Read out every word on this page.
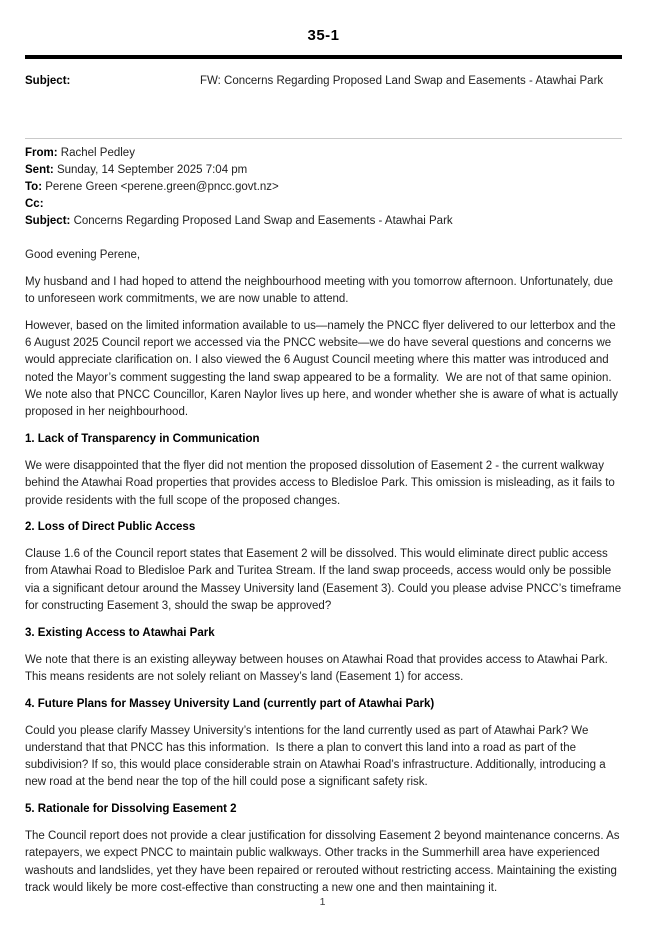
35-1
Subject:	FW: Concerns Regarding Proposed Land Swap and Easements - Atawhai Park
From: Rachel Pedley
Sent: Sunday, 14 September 2025 7:04 pm
To: Perene Green <perene.green@pncc.govt.nz>
Cc:
Subject: Concerns Regarding Proposed Land Swap and Easements - Atawhai Park

Good evening Perene,

My husband and I had hoped to attend the neighbourhood meeting with you tomorrow afternoon. Unfortunately, due to unforeseen work commitments, we are now unable to attend.

However, based on the limited information available to us—namely the PNCC flyer delivered to our letterbox and the 6 August 2025 Council report we accessed via the PNCC website—we do have several questions and concerns we would appreciate clarification on. I also viewed the 6 August Council meeting where this matter was introduced and noted the Mayor’s comment suggesting the land swap appeared to be a formality.  We are not of that same opinion.  We note also that PNCC Councillor, Karen Naylor lives up here, and wonder whether she is aware of what is actually proposed in her neighbourhood.

1. Lack of Transparency in Communication

We were disappointed that the flyer did not mention the proposed dissolution of Easement 2 - the current walkway behind the Atawhai Road properties that provides access to Bledisloe Park. This omission is misleading, as it fails to provide residents with the full scope of the proposed changes.

2. Loss of Direct Public Access

Clause 1.6 of the Council report states that Easement 2 will be dissolved. This would eliminate direct public access from Atawhai Road to Bledisloe Park and Turitea Stream. If the land swap proceeds, access would only be possible via a significant detour around the Massey University land (Easement 3). Could you please advise PNCC’s timeframe for constructing Easement 3, should the swap be approved?

3. Existing Access to Atawhai Park

We note that there is an existing alleyway between houses on Atawhai Road that provides access to Atawhai Park. This means residents are not solely reliant on Massey’s land (Easement 1) for access.

4. Future Plans for Massey University Land (currently part of Atawhai Park)

Could you please clarify Massey University’s intentions for the land currently used as part of Atawhai Park? We understand that that PNCC has this information.  Is there a plan to convert this land into a road as part of the subdivision? If so, this would place considerable strain on Atawhai Road’s infrastructure. Additionally, introducing a new road at the bend near the top of the hill could pose a significant safety risk.

5. Rationale for Dissolving Easement 2

The Council report does not provide a clear justification for dissolving Easement 2 beyond maintenance concerns. As ratepayers, we expect PNCC to maintain public walkways. Other tracks in the Summerhill area have experienced washouts and landslides, yet they have been repaired or rerouted without restricting access. Maintaining the existing track would likely be more cost-effective than constructing a new one and then maintaining it.

1
